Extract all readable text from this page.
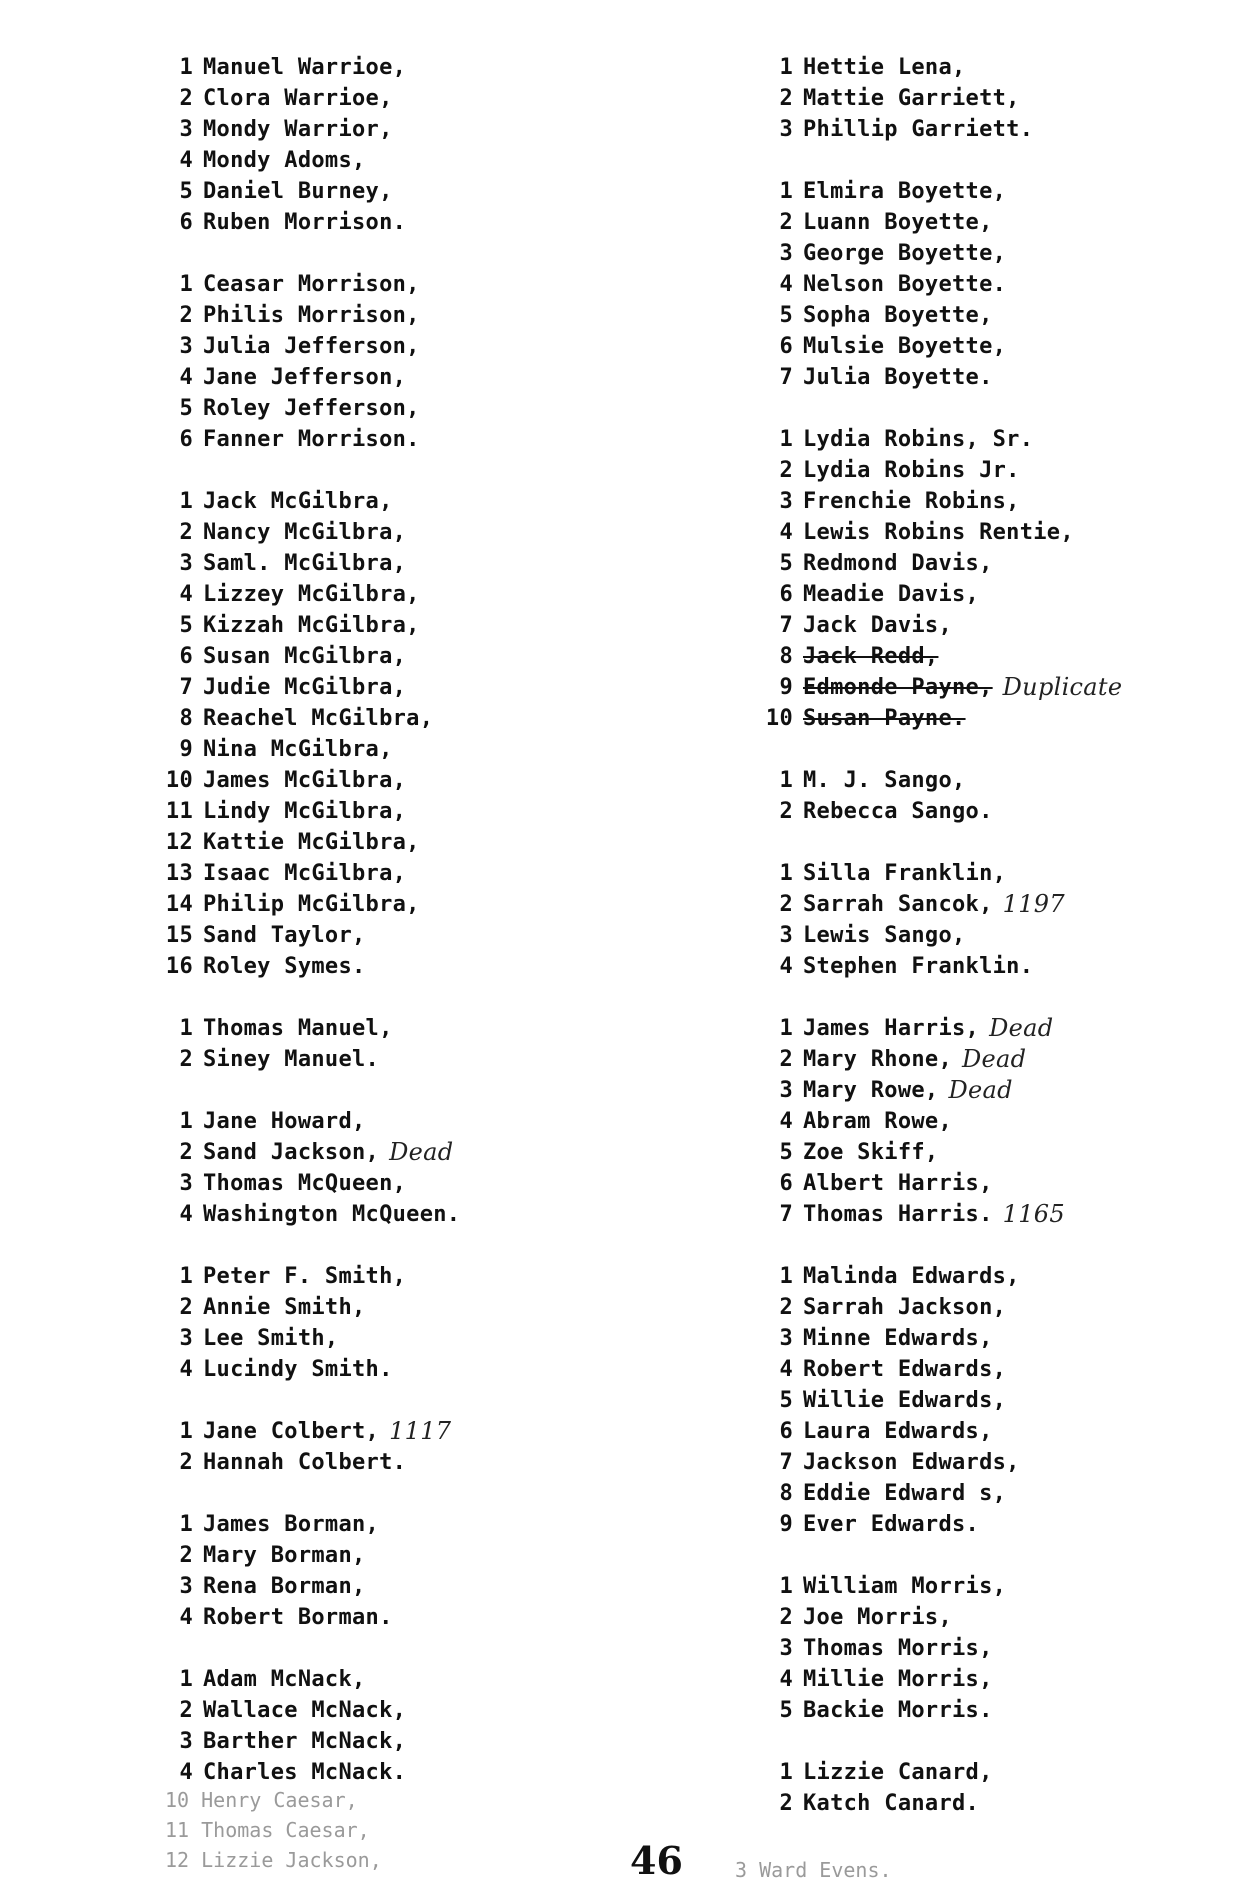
1 Manuel Warrioe,
2 Clora Warrioe,
3 Mondy Warrior,
4 Mondy Adoms,
5 Daniel Burney,
6 Ruben Morrison.
1 Ceasar Morrison,
2 Philis Morrison,
3 Julia Jefferson,
4 Jane Jefferson,
5 Roley Jefferson,
6 Fanner Morrison.
1 Jack McGilbra,
2 Nancy McGilbra,
3 Saml. McGilbra,
4 Lizzey McGilbra,
5 Kizzah McGilbra,
6 Susan McGilbra,
7 Judie McGilbra,
8 Reachel McGilbra,
9 Nina McGilbra,
10 James McGilbra,
11 Lindy McGilbra,
12 Kattie McGilbra,
13 Isaac McGilbra,
14 Philip McGilbra,
15 Sand Taylor,
16 Roley Symes.
1 Thomas Manuel,
2 Siney Manuel.
1 Jane Howard,
2 Sand Jackson, Dead
3 Thomas McQueen,
4 Washington McQueen.
1 Peter F. Smith,
2 Annie Smith,
3 Lee Smith,
4 Lucindy Smith.
1 Jane Colbert, 1117
2 Hannah Colbert.
1 James Borman,
2 Mary Borman,
3 Rena Borman,
4 Robert Borman.
1 Adam McNack,
2 Wallace McNack,
3 Barther McNack,
4 Charles McNack.
1 Hettie Lena,
2 Mattie Garriett,
3 Phillip Garriett.
1 Elmira Boyette,
2 Luann Boyette,
3 George Boyette,
4 Nelson Boyette.
5 Sopha Boyette,
6 Mulsie Boyette,
7 Julia Boyette.
1 Lydia Robins, Sr.
2 Lydia Robins Jr.
3 Frenchie Robins,
4 Lewis Robins Rentie,
5 Redmond Davis,
6 Meadie Davis,
7 Jack Davis,
8 Jack Redd,
9 Edmonde Payne, Duplicate
10 Susan Payne.
1 M. J. Sango,
2 Rebecca Sango.
1 Silla Franklin,
2 Sarrah Sancok, 1197
3 Lewis Sango,
4 Stephen Franklin.
1 James Harris, Dead
2 Mary Rhone, Dead
3 Mary Rowe, Dead
4 Abram Rowe,
5 Zoe Skiff,
6 Albert Harris,
7 Thomas Harris. 1165
1 Malinda Edwards,
2 Sarrah Jackson,
3 Minne Edwards,
4 Robert Edwards,
5 Willie Edwards,
6 Laura Edwards,
7 Jackson Edwards,
8 Eddie Edward s,
9 Ever Edwards.
1 William Morris,
2 Joe Morris,
3 Thomas Morris,
4 Millie Morris,
5 Backie Morris.
1 Lizzie Canard,
2 Katch Canard.
10 Henry Caesar,
11 Thomas Caesar,
12 Lizzie Jackson,	3 Ward Evens.
46
